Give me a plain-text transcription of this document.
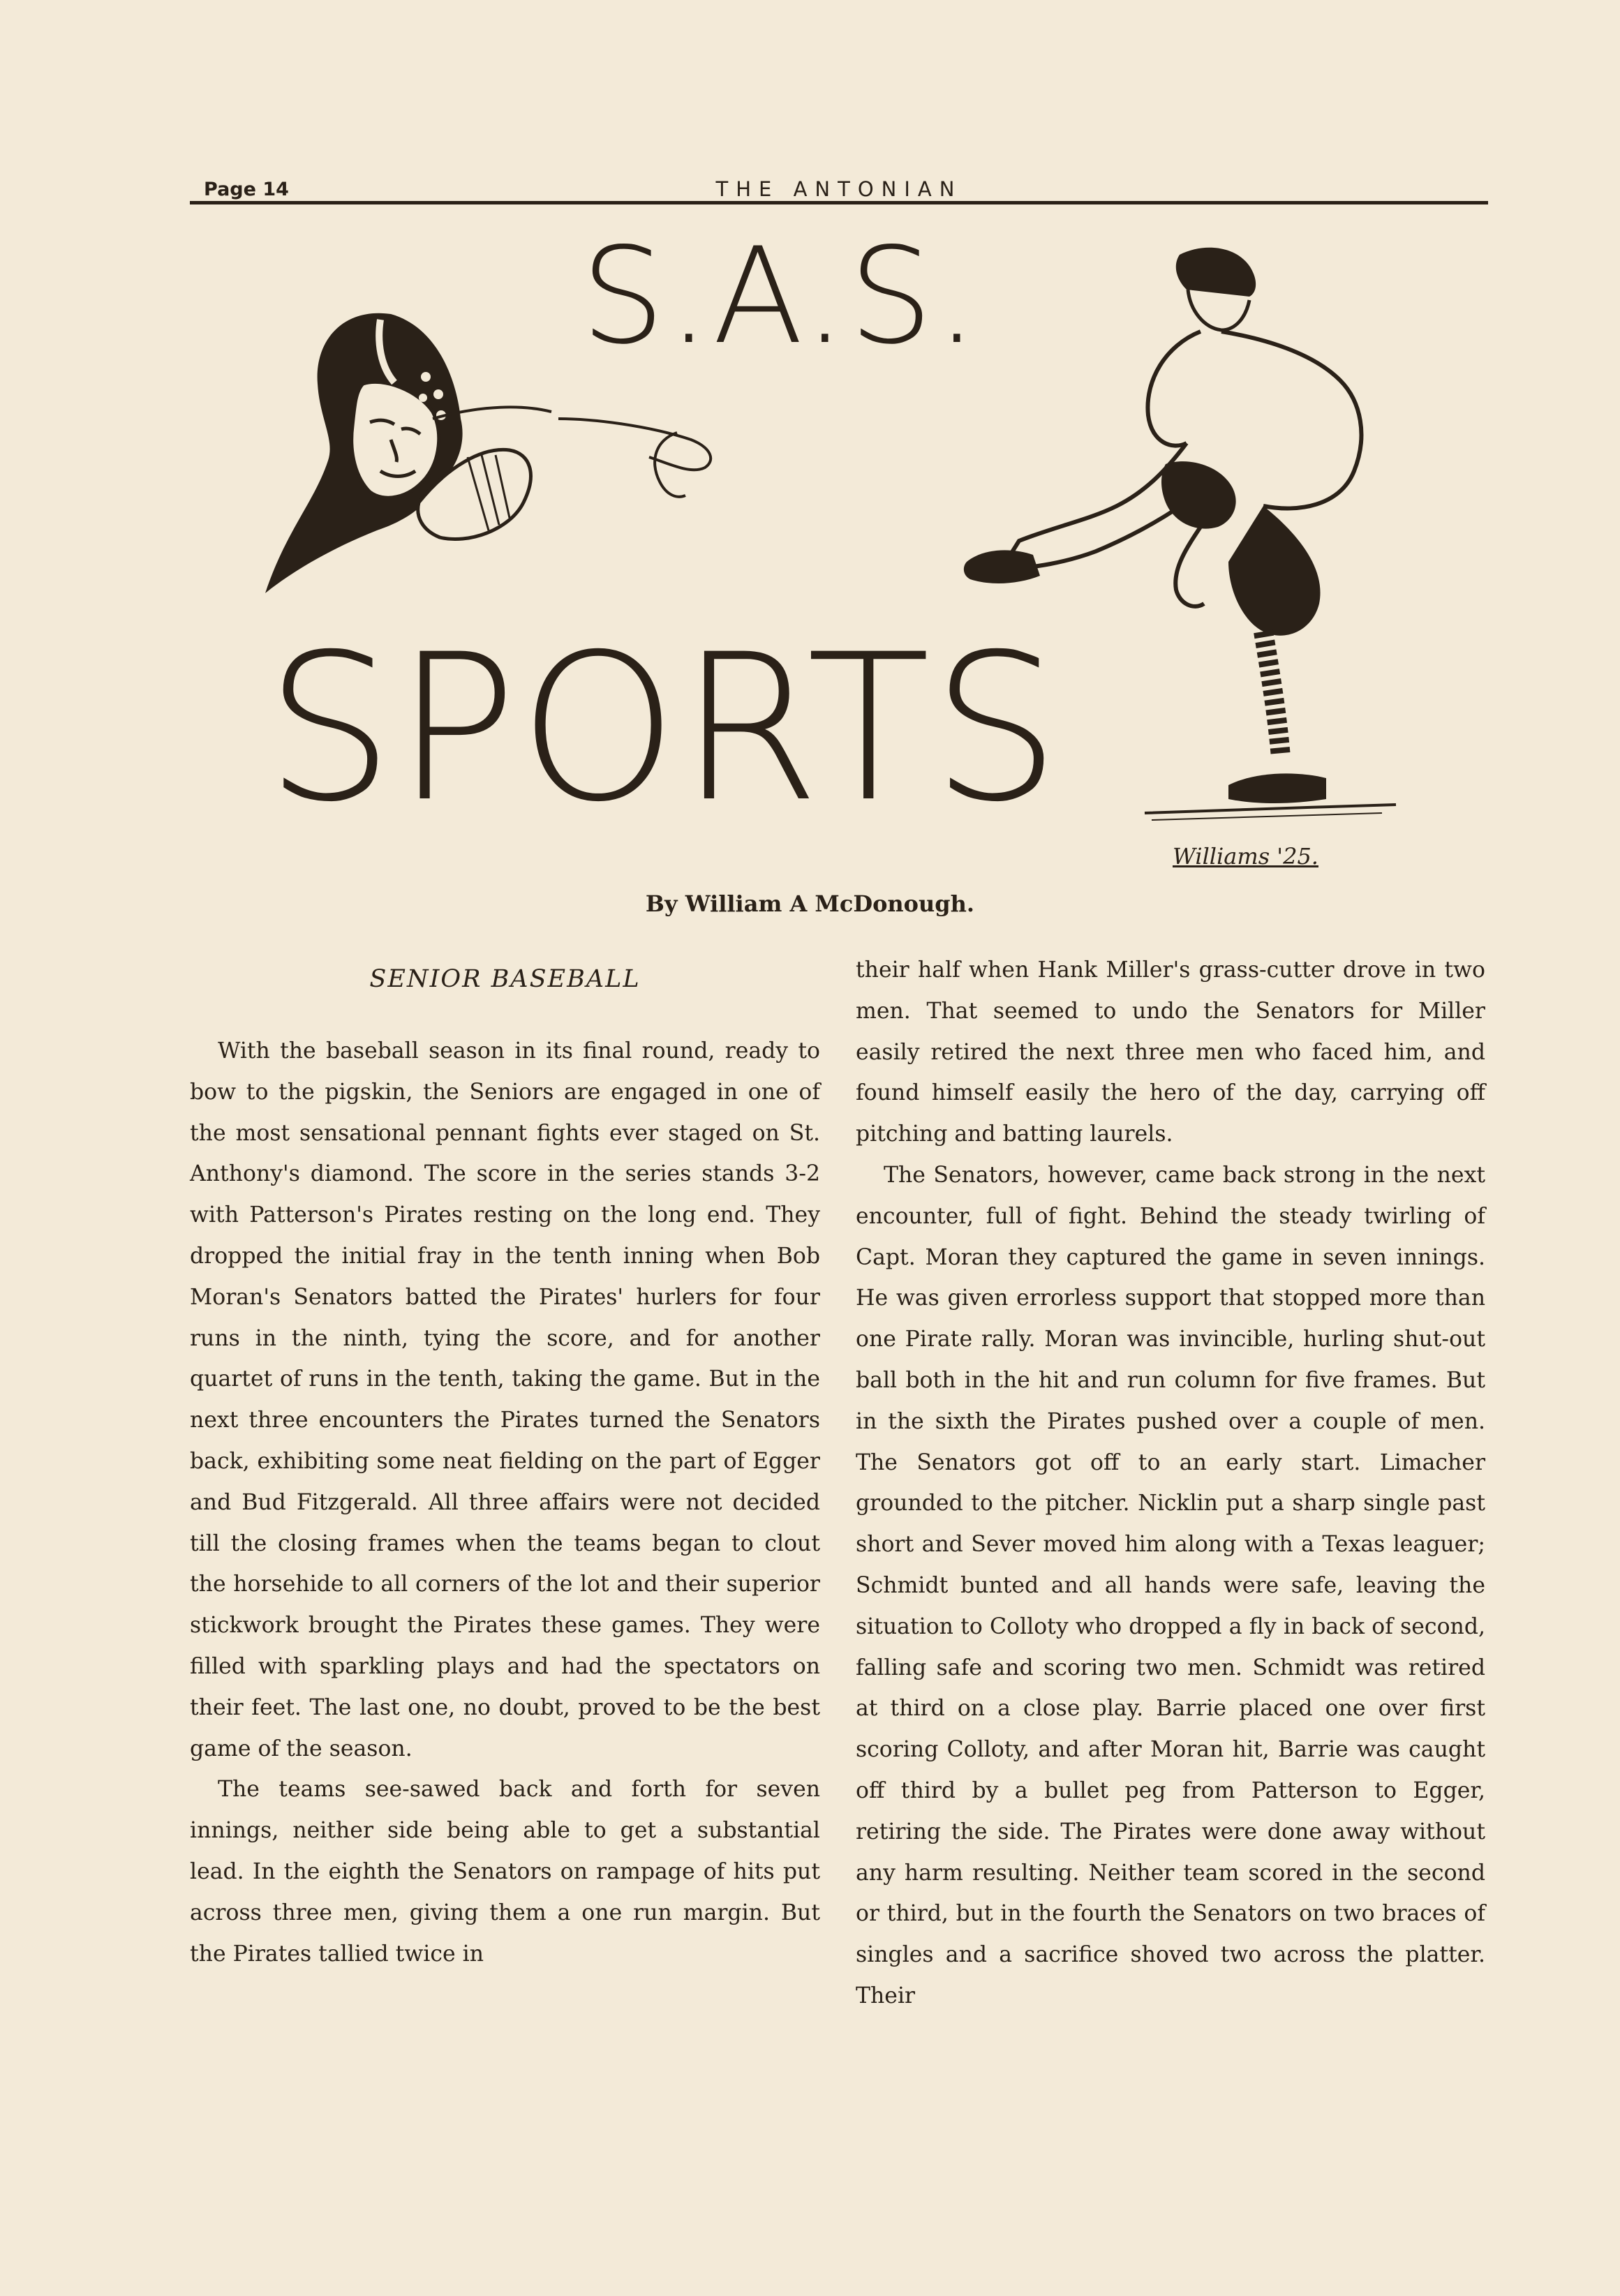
Page 14	THE ANTONIAN
S.A.S.
SPORTS
Williams '25.
By William A McDonough.
SENIOR BASEBALL

With the baseball season in its final round, ready to bow to the pigskin, the Seniors are engaged in one of the most sensational pennant fights ever staged on St. Anthony's diamond. The score in the series stands 3-2 with Patterson's Pirates resting on the long end. They dropped the initial fray in the tenth inning when Bob Moran's Senators batted the Pirates' hurlers for four runs in the ninth, tying the score, and for another quartet of runs in the tenth, taking the game. But in the next three encounters the Pirates turned the Senators back, exhibiting some neat fielding on the part of Egger and Bud Fitzgerald. All three affairs were not decided till the closing frames when the teams began to clout the horsehide to all corners of the lot and their superior stickwork brought the Pirates these games. They were filled with sparkling plays and had the spectators on their feet. The last one, no doubt, proved to be the best game of the season.

The teams see-sawed back and forth for seven innings, neither side being able to get a substantial lead. In the eighth the Senators on rampage of hits put across three men, giving them a one run margin. But the Pirates tallied twice in

their half when Hank Miller's grass-cutter drove in two men. That seemed to undo the Senators for Miller easily retired the next three men who faced him, and found himself easily the hero of the day, carrying off pitching and batting laurels.

The Senators, however, came back strong in the next encounter, full of fight. Behind the steady twirling of Capt. Moran they captured the game in seven innings. He was given errorless support that stopped more than one Pirate rally. Moran was invincible, hurling shut-out ball both in the hit and run column for five frames. But in the sixth the Pirates pushed over a couple of men. The Senators got off to an early start. Limacher grounded to the pitcher. Nicklin put a sharp single past short and Sever moved him along with a Texas leaguer; Schmidt bunted and all hands were safe, leaving the situation to Colloty who dropped a fly in back of second, falling safe and scoring two men. Schmidt was retired at third on a close play. Barrie placed one over first scoring Colloty, and after Moran hit, Barrie was caught off third by a bullet peg from Patterson to Egger, retiring the side. The Pirates were done away without any harm resulting. Neither team scored in the second or third, but in the fourth the Senators on two braces of singles and a sacrifice shoved two across the platter. Their
